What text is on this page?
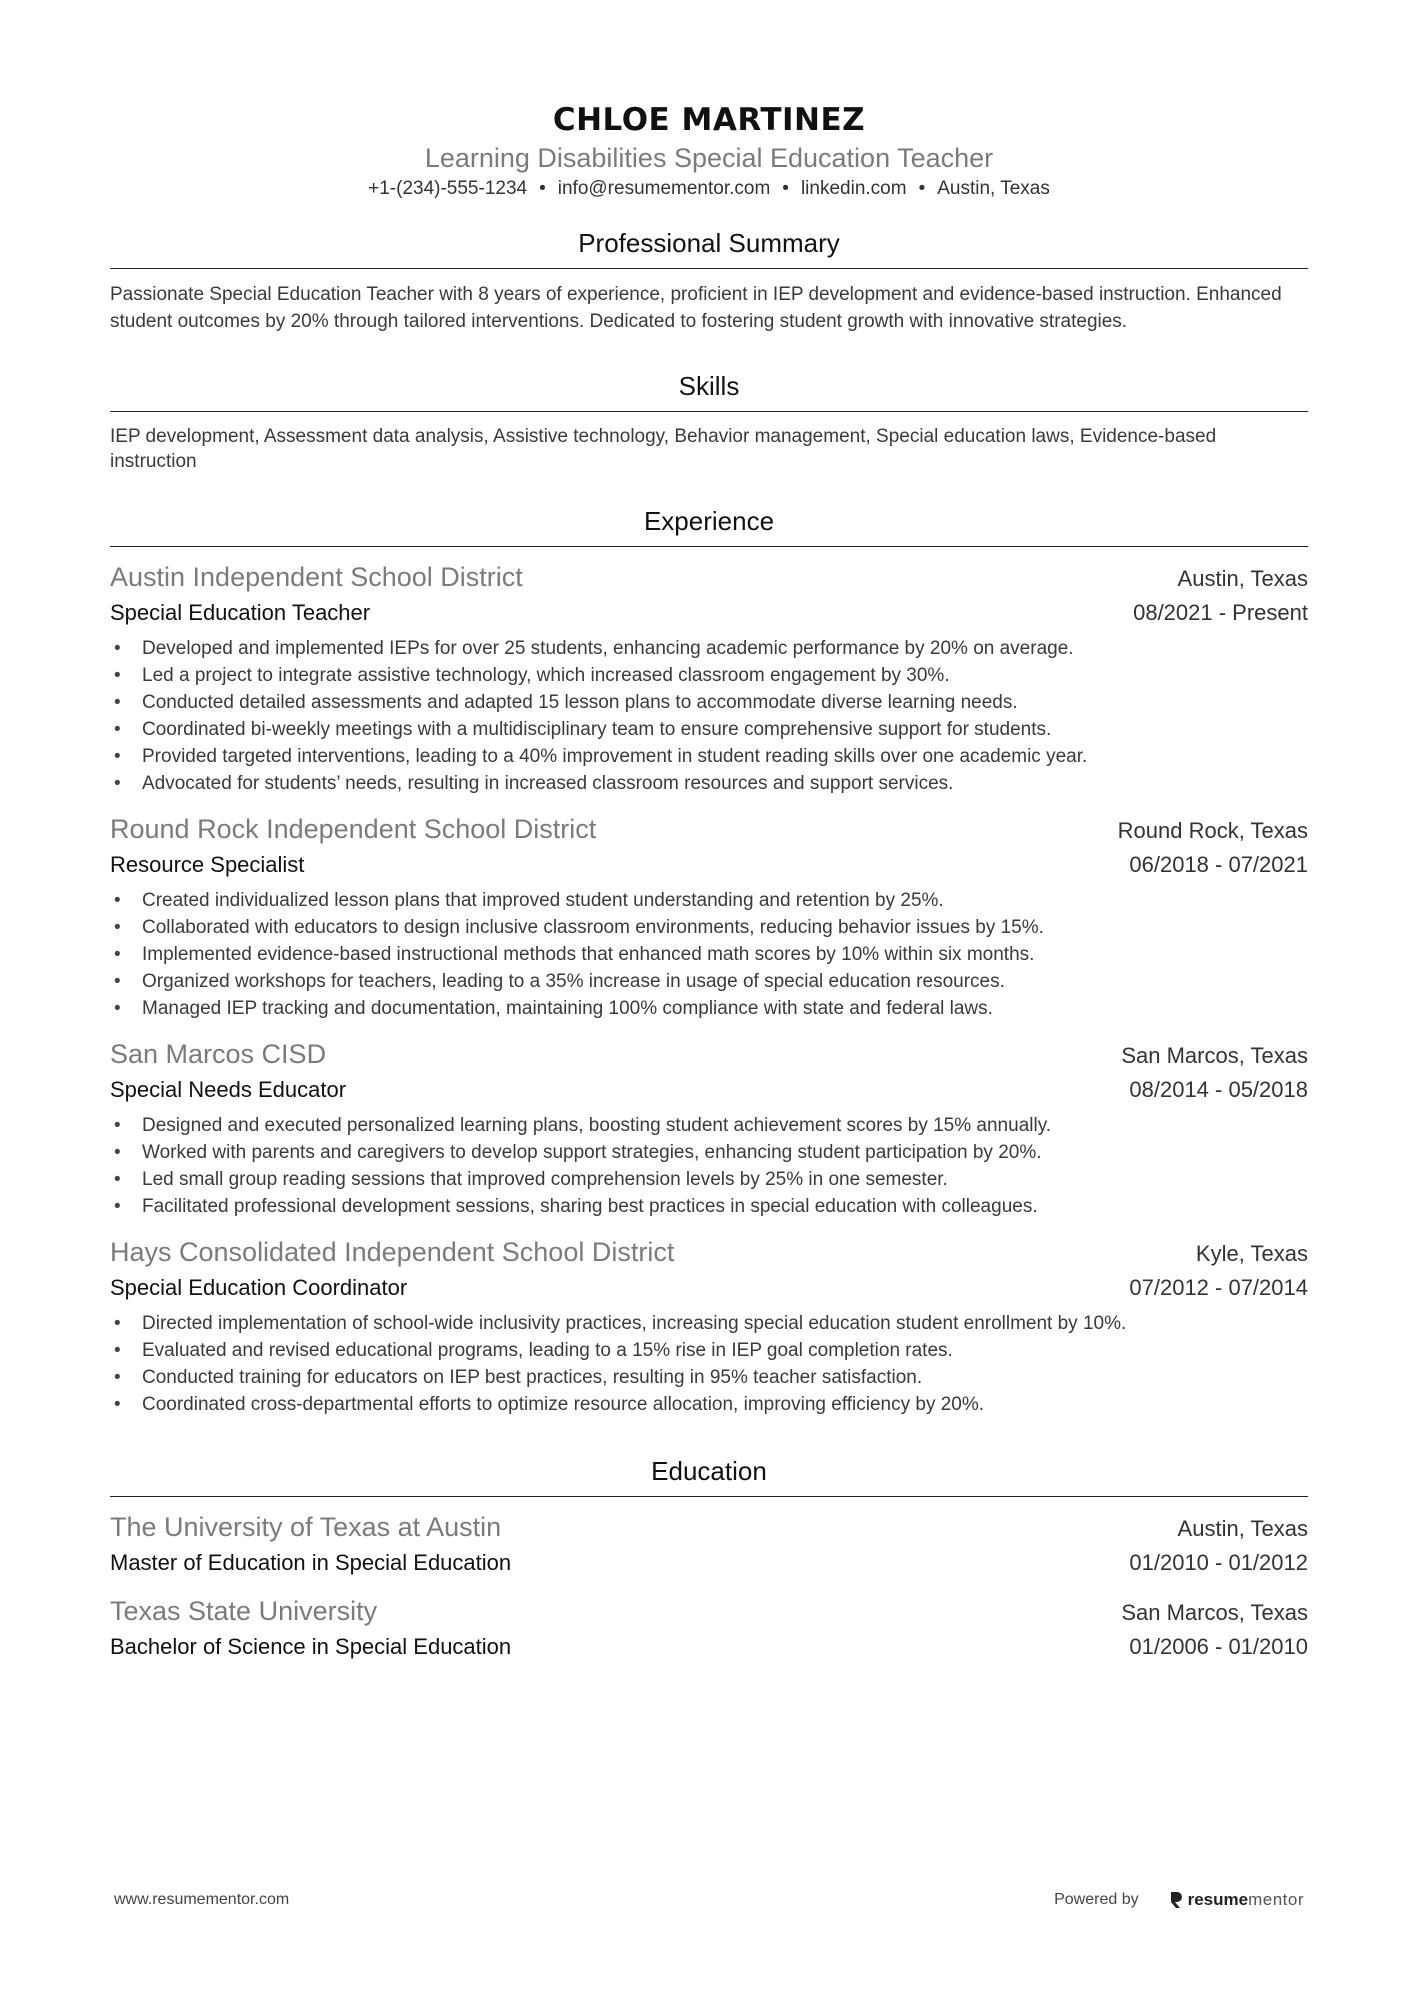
CHLOE MARTINEZ
Learning Disabilities Special Education Teacher
+1-(234)-555-1234 • info@resumementor.com • linkedin.com • Austin, Texas
Professional Summary
Passionate Special Education Teacher with 8 years of experience, proficient in IEP development and evidence-based instruction. Enhanced student outcomes by 20% through tailored interventions. Dedicated to fostering student growth with innovative strategies.
Skills
IEP development, Assessment data analysis, Assistive technology, Behavior management, Special education laws, Evidence-based instruction
Experience
Austin Independent School District	Austin, Texas
Special Education Teacher	08/2021 - Present
• Developed and implemented IEPs for over 25 students, enhancing academic performance by 20% on average.
• Led a project to integrate assistive technology, which increased classroom engagement by 30%.
• Conducted detailed assessments and adapted 15 lesson plans to accommodate diverse learning needs.
• Coordinated bi-weekly meetings with a multidisciplinary team to ensure comprehensive support for students.
• Provided targeted interventions, leading to a 40% improvement in student reading skills over one academic year.
• Advocated for students’ needs, resulting in increased classroom resources and support services.
Round Rock Independent School District	Round Rock, Texas
Resource Specialist	06/2018 - 07/2021
• Created individualized lesson plans that improved student understanding and retention by 25%.
• Collaborated with educators to design inclusive classroom environments, reducing behavior issues by 15%.
• Implemented evidence-based instructional methods that enhanced math scores by 10% within six months.
• Organized workshops for teachers, leading to a 35% increase in usage of special education resources.
• Managed IEP tracking and documentation, maintaining 100% compliance with state and federal laws.
San Marcos CISD	San Marcos, Texas
Special Needs Educator	08/2014 - 05/2018
• Designed and executed personalized learning plans, boosting student achievement scores by 15% annually.
• Worked with parents and caregivers to develop support strategies, enhancing student participation by 20%.
• Led small group reading sessions that improved comprehension levels by 25% in one semester.
• Facilitated professional development sessions, sharing best practices in special education with colleagues.
Hays Consolidated Independent School District	Kyle, Texas
Special Education Coordinator	07/2012 - 07/2014
• Directed implementation of school-wide inclusivity practices, increasing special education student enrollment by 10%.
• Evaluated and revised educational programs, leading to a 15% rise in IEP goal completion rates.
• Conducted training for educators on IEP best practices, resulting in 95% teacher satisfaction.
• Coordinated cross-departmental efforts to optimize resource allocation, improving efficiency by 20%.
Education
The University of Texas at Austin	Austin, Texas
Master of Education in Special Education	01/2010 - 01/2012
Texas State University	San Marcos, Texas
Bachelor of Science in Special Education	01/2006 - 01/2010
www.resumementor.com	Powered by	resume mentor
